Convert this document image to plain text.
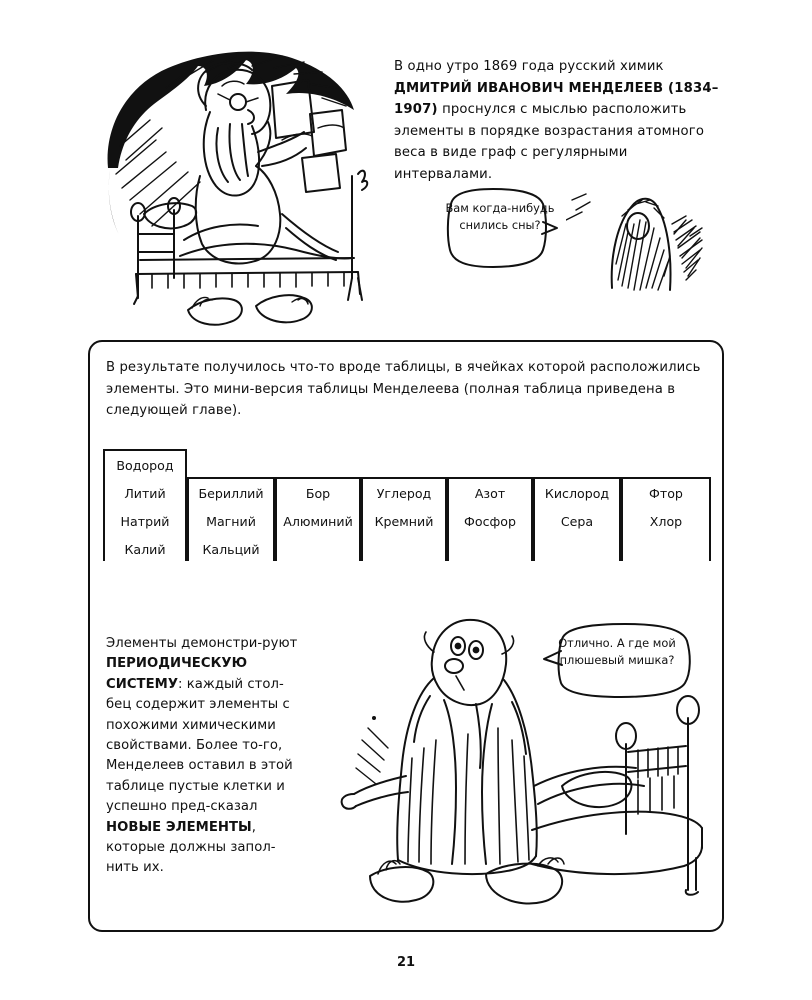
В одно утро 1869 года русский химик ДМИТРИЙ ИВАНОВИЧ МЕНДЕЛЕЕВ (1834–1907) проснулся с мыслью расположить элементы в порядке возрастания атомного веса в виде граф с регулярными интервалами.
Вам когда-нибудь снились сны?
В результате получилось что-то вроде таблицы, в ячейках которой расположились элементы. Это мини-версия таблицы Менделеева (полная таблица приведена в следующей главе).
Водород
Литий
Натрий
Калий
Бериллий
Магний
Кальций
Бор
Алюминий
Углерод
Кремний
Азот
Фосфор
Кислород
Сера
Фтор
Хлор
Элементы демонстри-руют ПЕРИОДИЧЕСКУЮ СИСТЕМУ: каждый стол-бец содержит элементы с похожими химическими свойствами. Более то-го, Менделеев оставил в этой таблице пустые клетки и успешно пред-сказал НОВЫЕ ЭЛЕМЕНТЫ, которые должны запол-нить их.
Отлично. А где мой плюшевый мишка?
21
